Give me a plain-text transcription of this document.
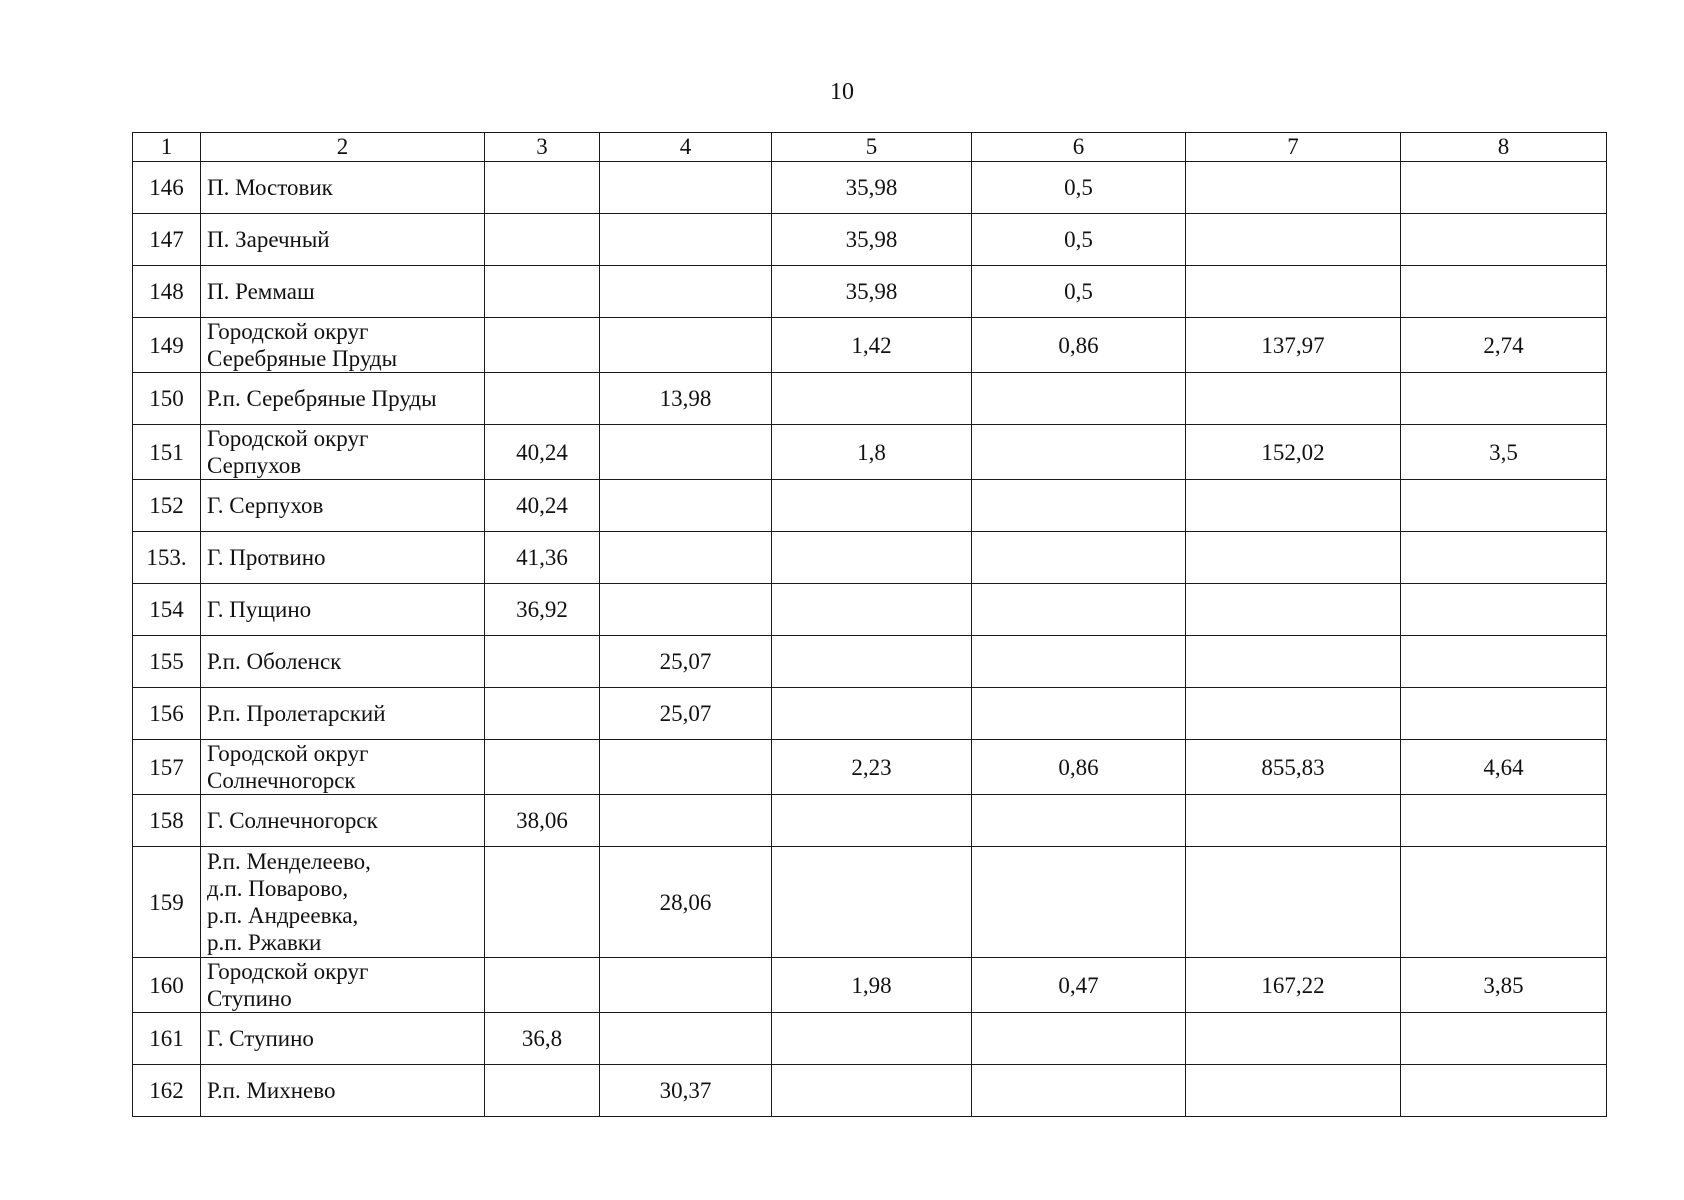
10
1	2	3	4	5	6	7	8
146	П. Мостовик			35,98	0,5		
147	П. Заречный			35,98	0,5		
148	П. Реммаш			35,98	0,5		
149	Городской округ
Серебряные Пруды			1,42	0,86	137,97	2,74
150	Р.п. Серебряные Пруды		13,98				
151	Городской округ
Серпухов	40,24		1,8		152,02	3,5
152	Г. Серпухов	40,24					
153.	Г. Протвино	41,36					
154	Г. Пущино	36,92					
155	Р.п. Оболенск		25,07				
156	Р.п. Пролетарский		25,07				
157	Городской округ
Солнечногорск			2,23	0,86	855,83	4,64
158	Г. Солнечногорск	38,06					
159	Р.п. Менделеево,
д.п. Поварово,
р.п. Андреевка,
р.п. Ржавки		28,06				
160	Городской округ
Ступино			1,98	0,47	167,22	3,85
161	Г. Ступино	36,8					
162	Р.п. Михнево		30,37				
